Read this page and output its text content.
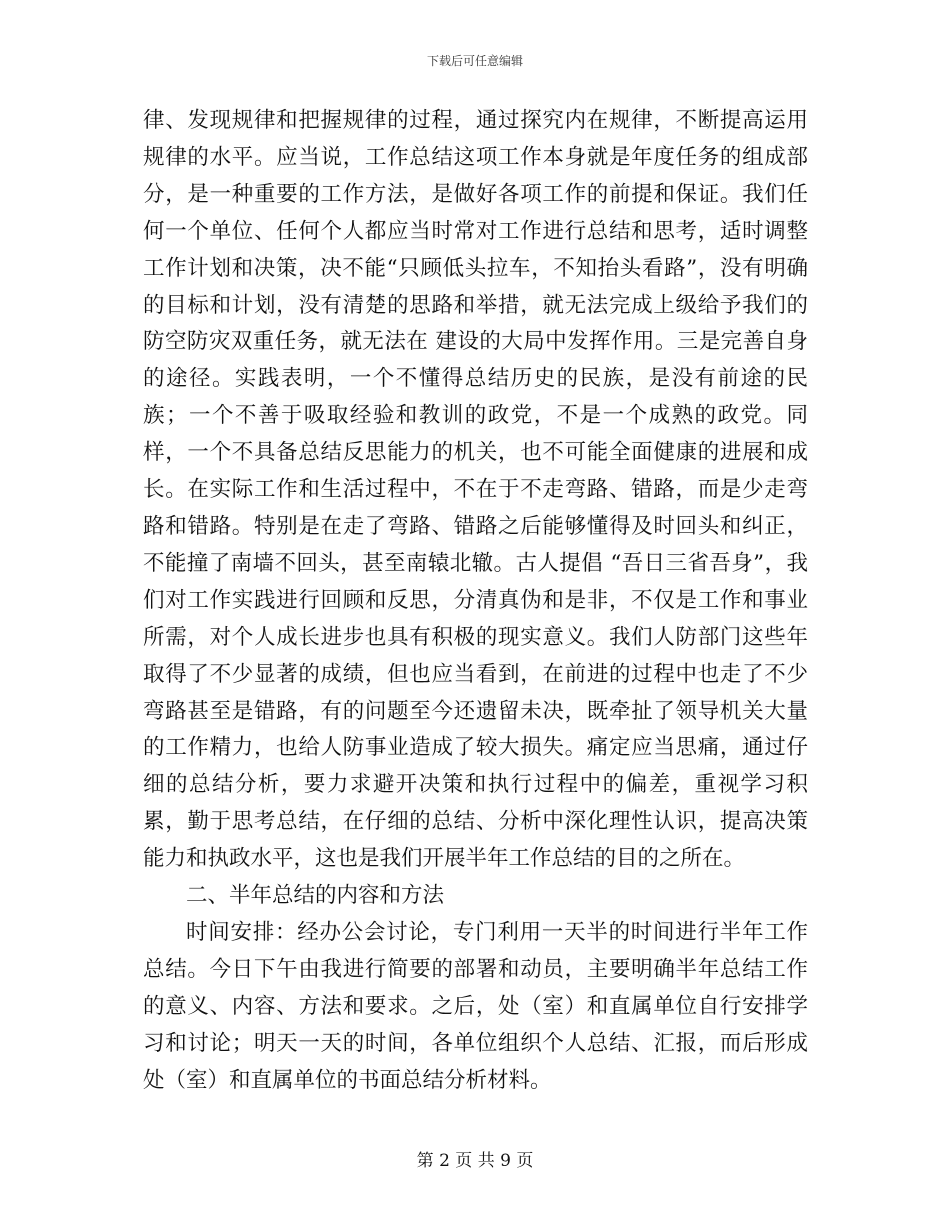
下载后可任意编辑

律、发现规律和把握规律的过程，通过探究内在规律，不断提高运用规律的水平。应当说，工作总结这项工作本身就是年度任务的组成部分，是一种重要的工作方法，是做好各项工作的前提和保证。我们任何一个单位、任何个人都应当时常对工作进行总结和思考，适时调整工作计划和决策，决不能“只顾低头拉车，不知抬头看路”，没有明确的目标和计划，没有清楚的思路和举措，就无法完成上级给予我们的防空防灾双重任务，就无法在 建设的大局中发挥作用。三是完善自身的途径。实践表明，一个不懂得总结历史的民族，是没有前途的民族；一个不善于吸取经验和教训的政党，不是一个成熟的政党。同样，一个不具备总结反思能力的机关，也不可能全面健康的进展和成长。在实际工作和生活过程中，不在于不走弯路、错路，而是少走弯路和错路。特别是在走了弯路、错路之后能够懂得及时回头和纠正，不能撞了南墙不回头，甚至南辕北辙。古人提倡 “吾日三省吾身”，我们对工作实践进行回顾和反思，分清真伪和是非，不仅是工作和事业所需，对个人成长进步也具有积极的现实意义。我们人防部门这些年取得了不少显著的成绩，但也应当看到，在前进的过程中也走了不少弯路甚至是错路，有的问题至今还遗留未决，既牵扯了领导机关大量的工作精力，也给人防事业造成了较大损失。痛定应当思痛，通过仔细的总结分析，要力求避开决策和执行过程中的偏差，重视学习积累，勤于思考总结，在仔细的总结、分析中深化理性认识，提高决策能力和执政水平，这也是我们开展半年工作总结的目的之所在。

二、半年总结的内容和方法

时间安排：经办公会讨论，专门利用一天半的时间进行半年工作总结。今日下午由我进行简要的部署和动员，主要明确半年总结工作的意义、内容、方法和要求。之后，处（室）和直属单位自行安排学习和讨论；明天一天的时间，各单位组织个人总结、汇报，而后形成处（室）和直属单位的书面总结分析材料。

第 2 页 共 9 页
